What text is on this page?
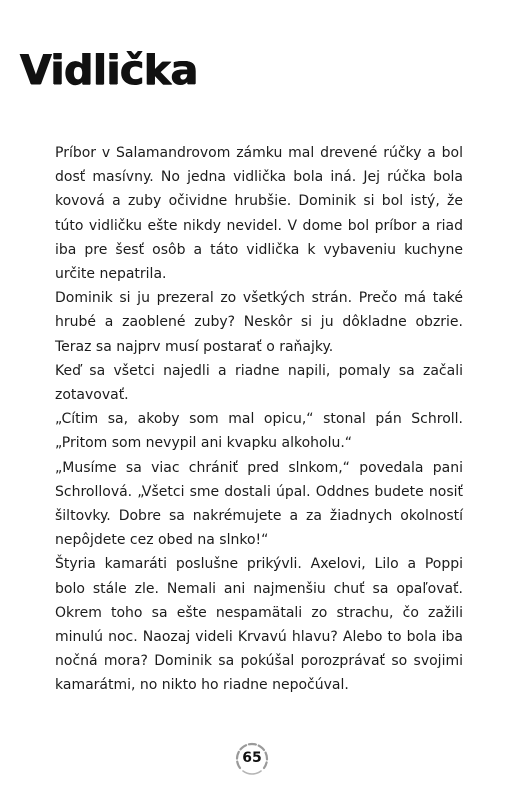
Vidlička

Príbor v Salamandrovom zámku mal drevené rúčky a bol dosť masívny. No jedna vidlička bola iná. Jej rúčka bola kovová a zuby očividne hrubšie. Dominik si bol istý, že túto vidličku ešte nikdy nevidel. V dome bol príbor a riad iba pre šesť osôb a táto vidlička k vybaveniu kuchyne určite nepatrila.

Dominik si ju prezeral zo všetkých strán. Prečo má také hrubé a zaoblené zuby? Neskôr si ju dôkladne obzrie. Teraz sa najprv musí postarať o raňajky.

Keď sa všetci najedli a riadne napili, pomaly sa začali zotavovať.

„Cítim sa, akoby som mal opicu,“ stonal pán Schroll. „Pritom som nevypil ani kvapku alkoholu.“

„Musíme sa viac chrániť pred slnkom,“ povedala pani Schrollová. „Všetci sme dostali úpal. Oddnes budete nosiť šiltovky. Dobre sa nakrémujete a za žiadnych okolností nepôjdete cez obed na slnko!“

Štyria kamaráti poslušne prikývli. Axelovi, Lilo a Poppi bolo stále zle. Nemali ani najmenšiu chuť sa opaľovať. Okrem toho sa ešte nespamätali zo strachu, čo zažili minulú noc. Naozaj videli Krvavú hlavu? Alebo to bola iba nočná mora? Dominik sa pokúšal porozprávať so svojimi kamarátmi, no nikto ho riadne nepočúval.

65
